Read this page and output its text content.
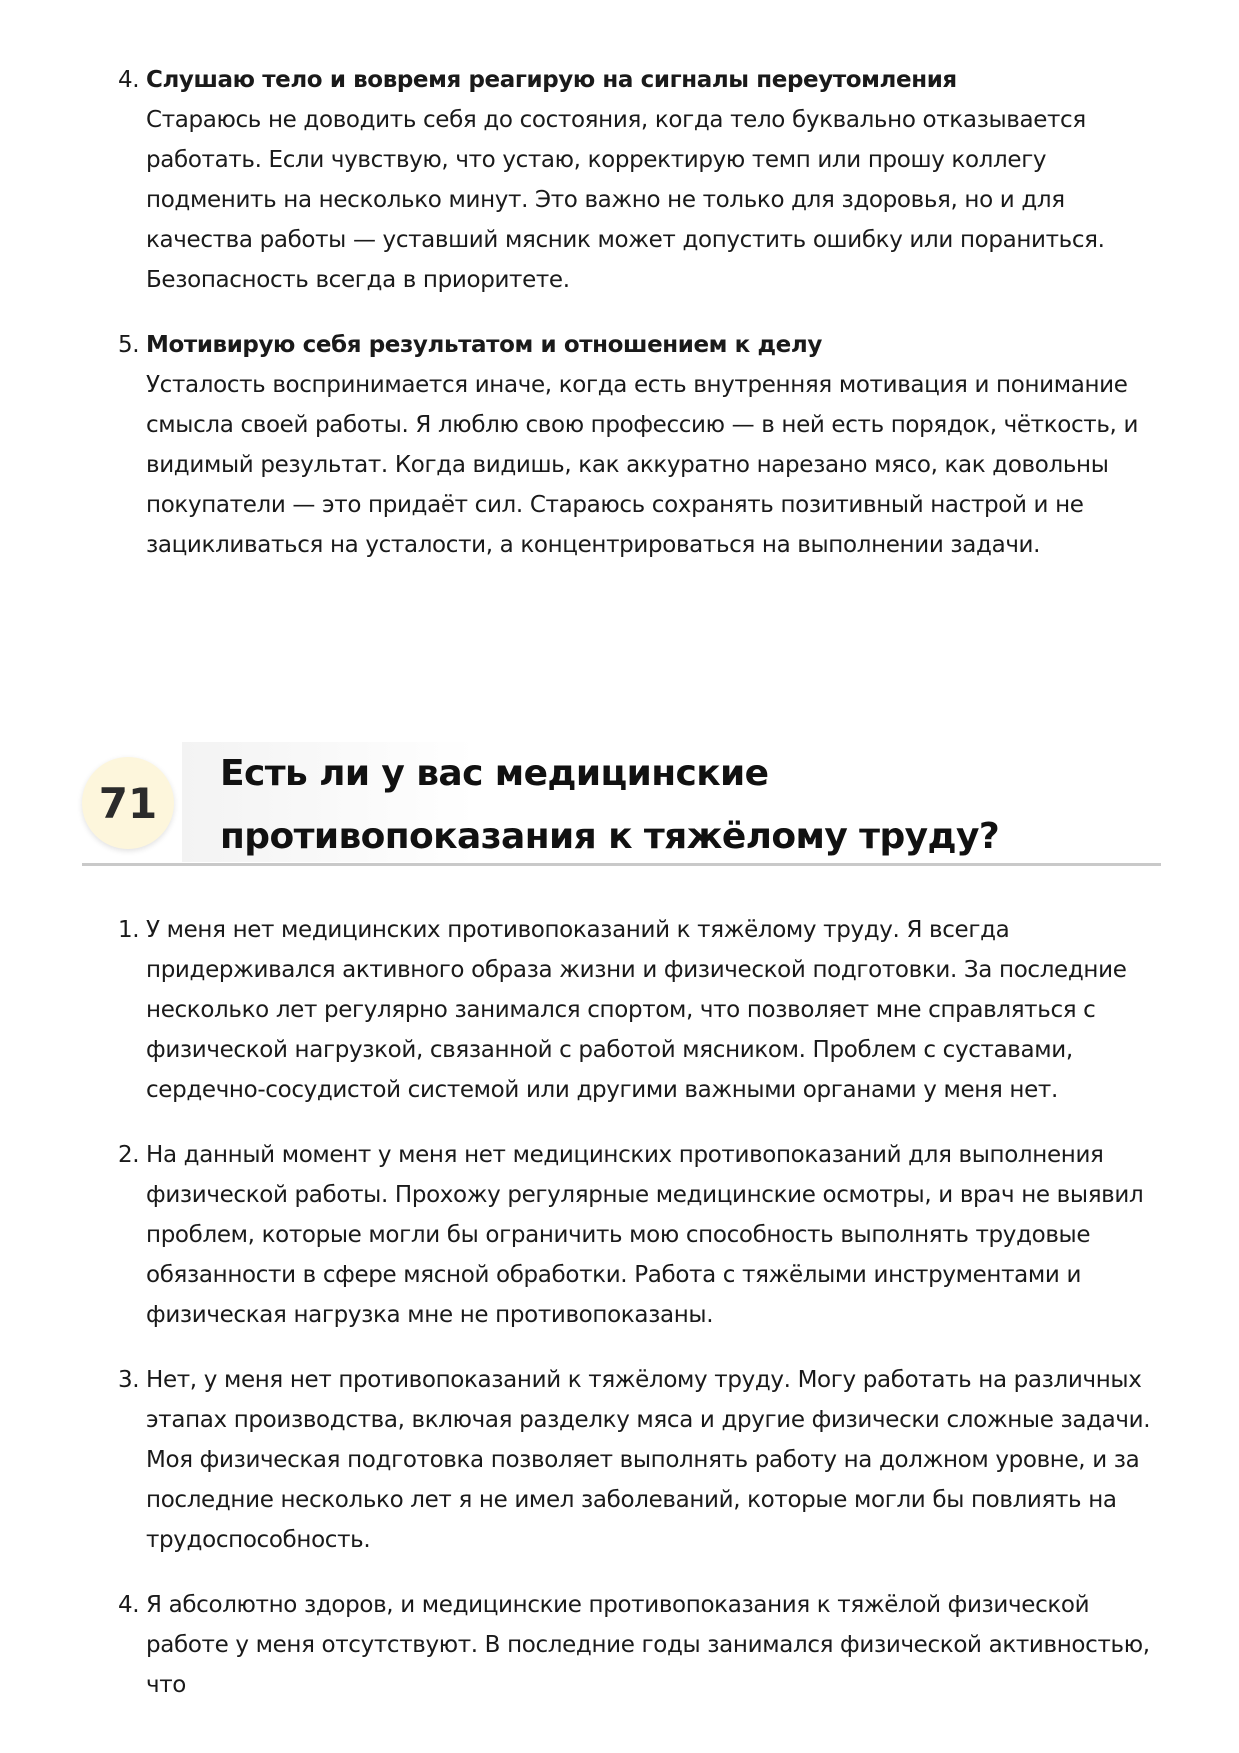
4. Слушаю тело и вовремя реагирую на сигналы переутомления
Стараюсь не доводить себя до состояния, когда тело буквально отказывается работать. Если чувствую, что устаю, корректирую темп или прошу коллегу подменить на несколько минут. Это важно не только для здоровья, но и для качества работы — уставший мясник может допустить ошибку или пораниться. Безопасность всегда в приоритете.
5. Мотивирую себя результатом и отношением к делу
Усталость воспринимается иначе, когда есть внутренняя мотивация и понимание смысла своей работы. Я люблю свою профессию — в ней есть порядок, чёткость, и видимый результат. Когда видишь, как аккуратно нарезано мясо, как довольны покупатели — это придаёт сил. Стараюсь сохранять позитивный настрой и не зацикливаться на усталости, а концентрироваться на выполнении задачи.
71
Есть ли у вас медицинские противопоказания к тяжёлому труду?
1. У меня нет медицинских противопоказаний к тяжёлому труду. Я всегда придерживался активного образа жизни и физической подготовки. За последние несколько лет регулярно занимался спортом, что позволяет мне справляться с физической нагрузкой, связанной с работой мясником. Проблем с суставами, сердечно-сосудистой системой или другими важными органами у меня нет.
2. На данный момент у меня нет медицинских противопоказаний для выполнения физической работы. Прохожу регулярные медицинские осмотры, и врач не выявил проблем, которые могли бы ограничить мою способность выполнять трудовые обязанности в сфере мясной обработки. Работа с тяжёлыми инструментами и физическая нагрузка мне не противопоказаны.
3. Нет, у меня нет противопоказаний к тяжёлому труду. Могу работать на различных этапах производства, включая разделку мяса и другие физически сложные задачи. Моя физическая подготовка позволяет выполнять работу на должном уровне, и за последние несколько лет я не имел заболеваний, которые могли бы повлиять на трудоспособность.
4. Я абсолютно здоров, и медицинские противопоказания к тяжёлой физической работе у меня отсутствуют. В последние годы занимался физической активностью, что
